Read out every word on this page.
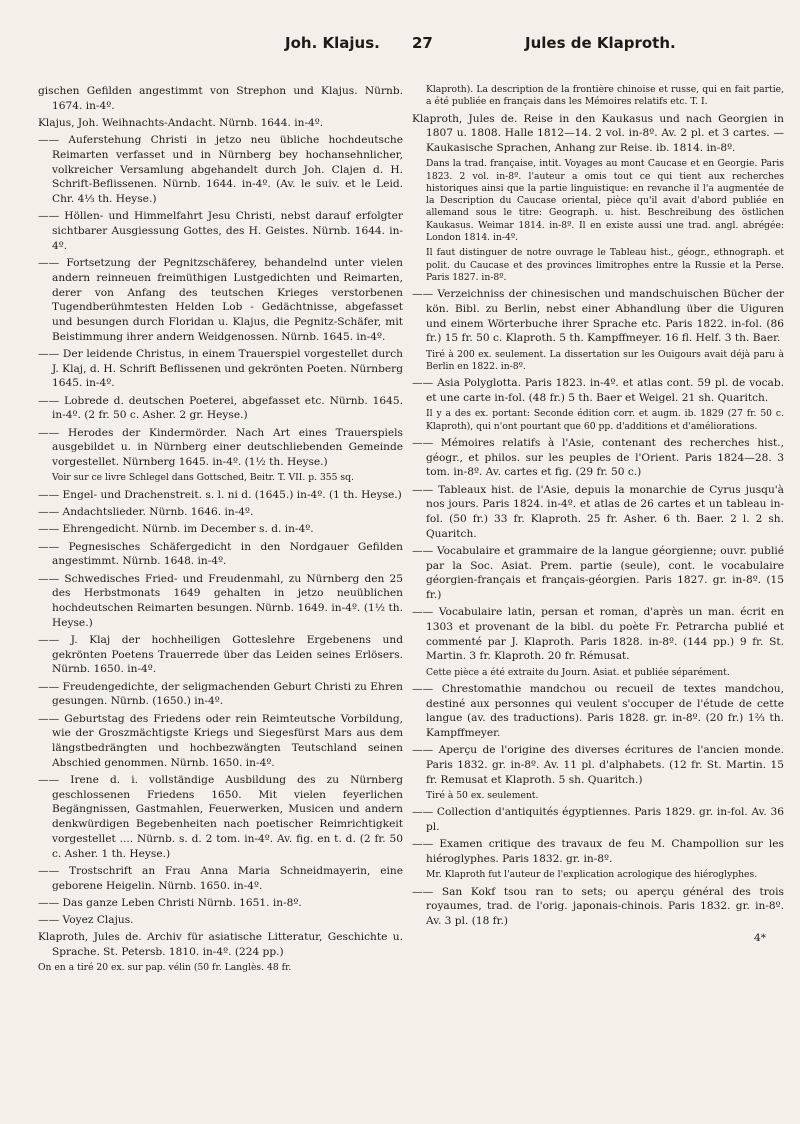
Joh. Klajus. 27	Jules de Klaproth.

gischen Gefilden angestimmt von Strephon und Klajus. Nürnb. 1674. in-4º.

Klajus, Joh. Weihnachts-Andacht. Nürnb. 1644. in-4º.

—— Auferstehung Christi in jetzo neu übliche hochdeutsche Reimarten verfasset und in Nürnberg bey hochansehnlicher, volkreicher Versamlung abgehandelt durch Joh. Clajen d. H. Schrift-Beflissenen. Nürnb. 1644. in-4º. (Av. le suiv. et le Leid. Chr. 4⅓ th. Heyse.)

—— Höllen- und Himmelfahrt Jesu Christi, nebst darauf erfolgter sichtbarer Ausgiessung Gottes, des H. Geistes. Nürnb. 1644. in-4º.

—— Fortsetzung der Pegnitzschäferey, behandelnd unter vielen andern reinneuen freimüthigen Lustgedichten und Reimarten, derer von Anfang des teutschen Krieges verstorbenen Tugendberühmtesten Helden Lob - Gedächtnisse, abgefasset und besungen durch Floridan u. Klajus, die Pegnitz-Schäfer, mit Beistimmung ihrer andern Weidgenossen. Nürnb. 1645. in-4º.

—— Der leidende Christus, in einem Trauerspiel vorgestellet durch J. Klaj, d. H. Schrift Beflissenen und gekrönten Poeten. Nürnberg 1645. in-4º.

—— Lobrede d. deutschen Poeterei, abgefasset etc. Nürnb. 1645. in-4º. (2 fr. 50 c. Asher. 2 gr. Heyse.)

—— Herodes der Kindermörder. Nach Art eines Trauerspiels ausgebildet u. in Nürnberg einer deutschliebenden Gemeinde vorgestellet. Nürnberg 1645. in-4º. (1½ th. Heyse.)

Voir sur ce livre Schlegel dans Gottsched, Beitr. T. VII. p. 355 sq.

—— Engel- und Drachenstreit. s. l. ni d. (1645.) in-4º. (1 th. Heyse.)

—— Andachtslieder. Nürnb. 1646. in-4º.

—— Ehrengedicht. Nürnb. im December s. d. in-4º.

—— Pegnesisches Schäfergedicht in den Nordgauer Gefilden angestimmt. Nürnb. 1648. in-4º.

—— Schwedisches Fried- und Freudenmahl, zu Nürnberg den 25 des Herbstmonats 1649 gehalten in jetzo neuüblichen hochdeutschen Reimarten besungen. Nürnb. 1649. in-4º. (1½ th. Heyse.)

—— J. Klaj der hochheiligen Gotteslehre Ergebenens und gekrönten Poetens Trauerrede über das Leiden seines Erlösers. Nürnb. 1650. in-4º.

—— Freudengedichte, der seligmachenden Geburt Christi zu Ehren gesungen. Nürnb. (1650.) in-4º.

—— Geburtstag des Friedens oder rein Reimteutsche Vorbildung, wie der Groszmächtigste Kriegs und Siegesfürst Mars aus dem längstbedrängten und hochbezwängten Teutschland seinen Abschied genommen. Nürnb. 1650. in-4º.

—— Irene d. i. vollständige Ausbildung des zu Nürnberg geschlossenen Friedens 1650. Mit vielen feyerlichen Begängnissen, Gastmahlen, Feuerwerken, Musicen und andern denkwürdigen Begebenheiten nach poetischer Reimrichtigkeit vorgestellet .... Nürnb. s. d. 2 tom. in-4º. Av. fig. en t. d. (2 fr. 50 c. Asher. 1 th. Heyse.)

—— Trostschrift an Frau Anna Maria Schneidmayerin, eine geborene Heigelin. Nürnb. 1650. in-4º.

—— Das ganze Leben Christi Nürnb. 1651. in-8º.

—— Voyez Clajus.

Klaproth, Jules de. Archiv für asiatische Litteratur, Geschichte u. Sprache. St. Petersb. 1810. in-4º. (224 pp.)

On en a tiré 20 ex. sur pap. vélin (50 fr. Langlès. 48 fr.

Klaproth). La description de la frontière chinoise et russe, qui en fait partie, a été publiée en français dans les Mémoires relatifs etc. T. I.

Klaproth, Jules de. Reise in den Kaukasus und nach Georgien in 1807 u. 1808. Halle 1812—14. 2 vol. in-8º. Av. 2 pl. et 3 cartes. — Kaukasische Sprachen, Anhang zur Reise. ib. 1814. in-8º.

Dans la trad. française, intit. Voyages au mont Caucase et en Georgie. Paris 1823. 2 vol. in-8º. l'auteur a omis tout ce qui tient aux recherches historiques ainsi que la partie linguistique: en revanche il l'a augmentée de la Description du Caucase oriental, pièce qu'il avait d'abord publiée en allemand sous le titre: Geograph. u. hist. Beschreibung des östlichen Kaukasus. Weimar 1814. in-8º. Il en existe aussi une trad. angl. abrégée: London 1814. in-4º.

Il faut distinguer de notre ouvrage le Tableau hist., géogr., ethnograph. et polit. du Caucase et des provinces limitrophes entre la Russie et la Perse. Paris 1827. in-8º.

—— Verzeichniss der chinesischen und mandschuischen Bücher der kön. Bibl. zu Berlin, nebst einer Abhandlung über die Uiguren und einem Wörterbuche ihrer Sprache etc. Paris 1822. in-fol. (86 fr.) 15 fr. 50 c. Klaproth. 5 th. Kampffmeyer. 16 fl. Helf. 3 th. Baer.

Tiré à 200 ex. seulement. La dissertation sur les Ouigours avait déjà paru à Berlin en 1822. in-8º.

—— Asia Polyglotta. Paris 1823. in-4º. et atlas cont. 59 pl. de vocab. et une carte in-fol. (48 fr.) 5 th. Baer et Weigel. 21 sh. Quaritch.

Il y a des ex. portant: Seconde édition corr. et augm. ib. 1829 (27 fr. 50 c. Klaproth), qui n'ont pourtant que 60 pp. d'additions et d'améliorations.

—— Mémoires relatifs à l'Asie, contenant des recherches hist., géogr., et philos. sur les peuples de l'Orient. Paris 1824—28. 3 tom. in-8º. Av. cartes et fig. (29 fr. 50 c.)

—— Tableaux hist. de l'Asie, depuis la monarchie de Cyrus jusqu'à nos jours. Paris 1824. in-4º. et atlas de 26 cartes et un tableau in-fol. (50 fr.) 33 fr. Klaproth. 25 fr. Asher. 6 th. Baer. 2 l. 2 sh. Quaritch.

—— Vocabulaire et grammaire de la langue géorgienne; ouvr. publié par la Soc. Asiat. Prem. partie (seule), cont. le vocabulaire géorgien-français et français-géorgien. Paris 1827. gr. in-8º. (15 fr.)

—— Vocabulaire latin, persan et roman, d'après un man. écrit en 1303 et provenant de la bibl. du poète Fr. Petrarcha publié et commenté par J. Klaproth. Paris 1828. in-8º. (144 pp.) 9 fr. St. Martin. 3 fr. Klaproth. 20 fr. Rémusat.

Cette pièce a été extraite du Journ. Asiat. et publiée séparément.

—— Chrestomathie mandchou ou recueil de textes mandchou, destiné aux personnes qui veulent s'occuper de l'étude de cette langue (av. des traductions). Paris 1828. gr. in-8º. (20 fr.) 1⅔ th. Kampffmeyer.

—— Aperçu de l'origine des diverses écritures de l'ancien monde. Paris 1832. gr. in-8º. Av. 11 pl. d'alphabets. (12 fr. St. Martin. 15 fr. Remusat et Klaproth. 5 sh. Quaritch.)

Tiré à 50 ex. seulement.

—— Collection d'antiquités égyptiennes. Paris 1829. gr. in-fol. Av. 36 pl.

—— Examen critique des travaux de feu M. Champollion sur les hiéroglyphes. Paris 1832. gr. in-8º.

Mr. Klaproth fut l'auteur de l'explication acrologique des hiéroglyphes.

—— San Kokf tsou ran to sets; ou aperçu général des trois royaumes, trad. de l'orig. japonais-chinois. Paris 1832. gr. in-8º. Av. 3 pl. (18 fr.)

4*
